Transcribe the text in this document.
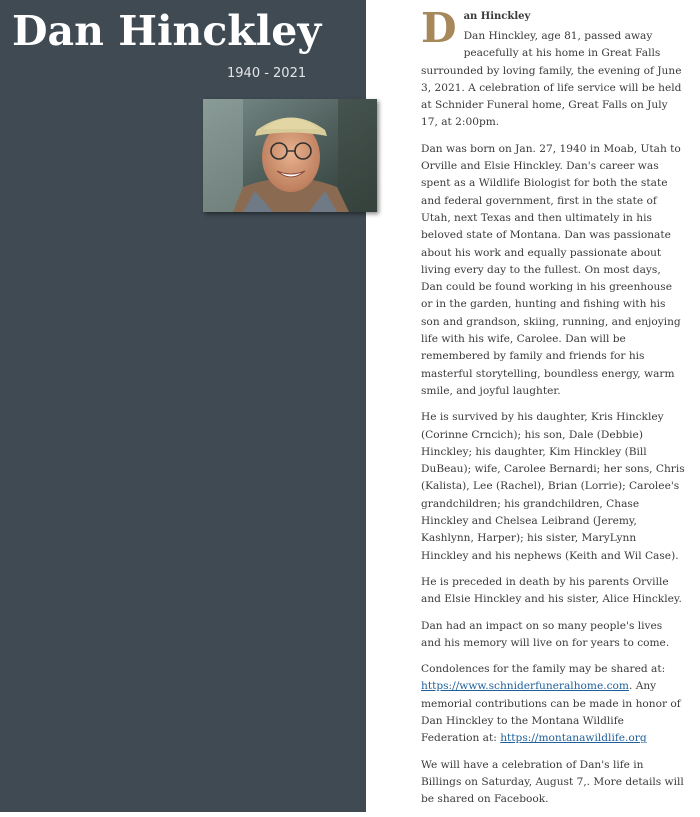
Dan Hinckley
1940 - 2021

D an Hinckley
Dan Hinckley, age 81, passed away peacefully at his home in Great Falls surrounded by loving family, the evening of June 3, 2021. A celebration of life service will be held at Schnider Funeral home, Great Falls on July 17, at 2:00pm.

Dan was born on Jan. 27, 1940 in Moab, Utah to Orville and Elsie Hinckley. Dan's career was spent as a Wildlife Biologist for both the state and federal government, first in the state of Utah, next Texas and then ultimately in his beloved state of Montana. Dan was passionate about his work and equally passionate about living every day to the fullest. On most days, Dan could be found working in his greenhouse or in the garden, hunting and fishing with his son and grandson, skiing, running, and enjoying life with his wife, Carolee. Dan will be remembered by family and friends for his masterful storytelling, boundless energy, warm smile, and joyful laughter.

He is survived by his daughter, Kris Hinckley (Corinne Crncich); his son, Dale (Debbie) Hinckley; his daughter, Kim Hinckley (Bill DuBeau); wife, Carolee Bernardi; her sons, Chris (Kalista), Lee (Rachel), Brian (Lorrie); Carolee's grandchildren; his grandchildren, Chase Hinckley and Chelsea Leibrand (Jeremy, Kashlynn, Harper); his sister, MaryLynn Hinckley and his nephews (Keith and Wil Case).

He is preceded in death by his parents Orville and Elsie Hinckley and his sister, Alice Hinckley.

Dan had an impact on so many people's lives and his memory will live on for years to come.

Condolences for the family may be shared at: https://www.schniderfuneralhome.com. Any memorial contributions can be made in honor of Dan Hinckley to the Montana Wildlife Federation at: https://montanawildlife.org

We will have a celebration of Dan's life in Billings on Saturday, August 7,. More details will be shared on Facebook.
